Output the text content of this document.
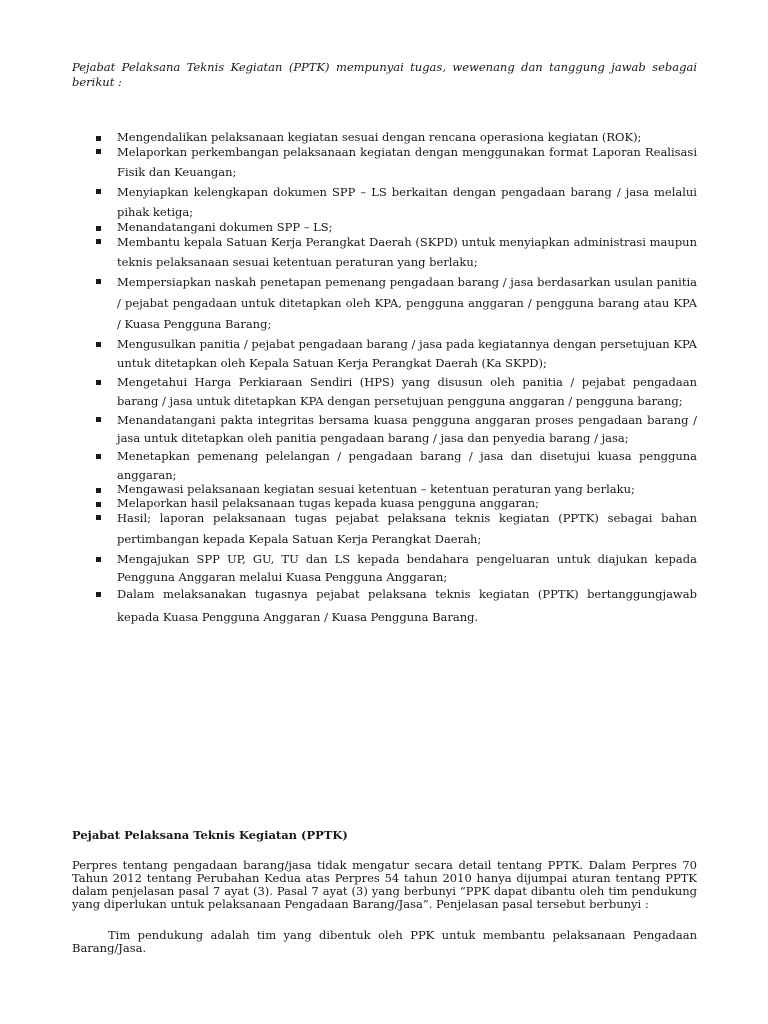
Pejabat Pelaksana Teknis Kegiatan (PPTK) mempunyai tugas, wewenang dan tanggung jawab sebagai berikut :

Mengendalikan pelaksanaan kegiatan sesuai dengan rencana operasiona kegiatan (ROK);
Melaporkan perkembangan pelaksanaan kegiatan dengan menggunakan format Laporan Realisasi Fisik dan Keuangan;
Menyiapkan kelengkapan dokumen SPP – LS berkaitan dengan pengadaan barang / jasa melalui pihak ketiga;
Menandatangani dokumen SPP – LS;
Membantu kepala Satuan Kerja Perangkat Daerah (SKPD) untuk menyiapkan administrasi maupun teknis pelaksanaan sesuai ketentuan peraturan yang berlaku;
Mempersiapkan naskah penetapan pemenang pengadaan barang / jasa berdasarkan usulan panitia / pejabat pengadaan untuk ditetapkan oleh KPA, pengguna anggaran / pengguna barang atau KPA / Kuasa Pengguna Barang;
Mengusulkan panitia / pejabat pengadaan barang / jasa pada kegiatannya dengan persetujuan KPA untuk ditetapkan oleh Kepala Satuan Kerja Perangkat Daerah (Ka SKPD);
Mengetahui Harga Perkiaraan Sendiri (HPS) yang disusun oleh panitia / pejabat pengadaan barang / jasa untuk ditetapkan KPA dengan persetujuan pengguna anggaran / pengguna barang;
Menandatangani pakta integritas bersama kuasa pengguna anggaran proses pengadaan barang / jasa untuk ditetapkan oleh panitia pengadaan barang / jasa dan penyedia barang / jasa;
Menetapkan pemenang pelelangan / pengadaan barang / jasa dan disetujui kuasa pengguna anggaran;
Mengawasi pelaksanaan kegiatan sesuai ketentuan – ketentuan peraturan yang berlaku;
Melaporkan hasil pelaksanaan tugas kepada kuasa pengguna anggaran;
Hasil; laporan pelaksanaan tugas pejabat pelaksana teknis kegiatan (PPTK) sebagai bahan pertimbangan kepada Kepala Satuan Kerja Perangkat Daerah;
Mengajukan SPP UP, GU, TU dan LS kepada bendahara pengeluaran untuk diajukan kepada Pengguna Anggaran melalui Kuasa Pengguna Anggaran;
Dalam melaksanakan tugasnya pejabat pelaksana teknis kegiatan (PPTK) bertanggungjawab kepada Kuasa Pengguna Anggaran / Kuasa Pengguna Barang.

Pejabat Pelaksana Teknis Kegiatan (PPTK)

Perpres tentang pengadaan barang/jasa tidak mengatur secara detail tentang PPTK. Dalam Perpres 70 Tahun 2012 tentang Perubahan Kedua atas Perpres 54 tahun 2010 hanya dijumpai aturan tentang PPTK dalam penjelasan pasal 7 ayat (3). Pasal 7 ayat (3) yang berbunyi “PPK dapat dibantu oleh tim pendukung yang diperlukan untuk pelaksanaan Pengadaan Barang/Jasa”. Penjelasan pasal tersebut berbunyi :

Tim pendukung adalah tim yang dibentuk oleh PPK untuk membantu pelaksanaan Pengadaan Barang/Jasa.
